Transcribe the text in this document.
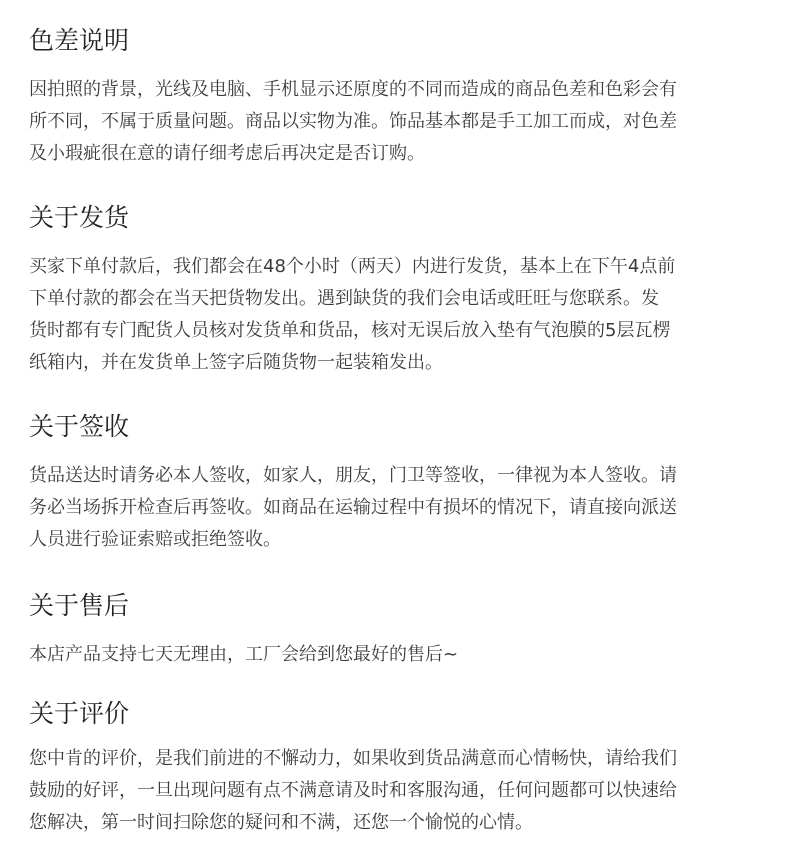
色差说明

因拍照的背景，光线及电脑、手机显示还原度的不同而造成的商品色差和色彩会有
所不同，不属于质量问题。商品以实物为准。饰品基本都是手工加工而成，对色差
及小瑕疵很在意的请仔细考虑后再决定是否订购。

关于发货

买家下单付款后，我们都会在48个小时（两天）内进行发货，基本上在下午4点前
下单付款的都会在当天把货物发出。遇到缺货的我们会电话或旺旺与您联系。发
货时都有专门配货人员核对发货单和货品，核对无误后放入垫有气泡膜的5层瓦楞
纸箱内，并在发货单上签字后随货物一起装箱发出。

关于签收

货品送达时请务必本人签收，如家人，朋友，门卫等签收，一律视为本人签收。请
务必当场拆开检查后再签收。如商品在运输过程中有损坏的情况下，请直接向派送
人员进行验证索赔或拒绝签收。

关于售后

本店产品支持七天无理由，工厂会给到您最好的售后~

关于评价

您中肯的评价，是我们前进的不懈动力，如果收到货品满意而心情畅快，请给我们
鼓励的好评，一旦出现问题有点不满意请及时和客服沟通，任何问题都可以快速给
您解决，第一时间扫除您的疑问和不满，还您一个愉悦的心情。
